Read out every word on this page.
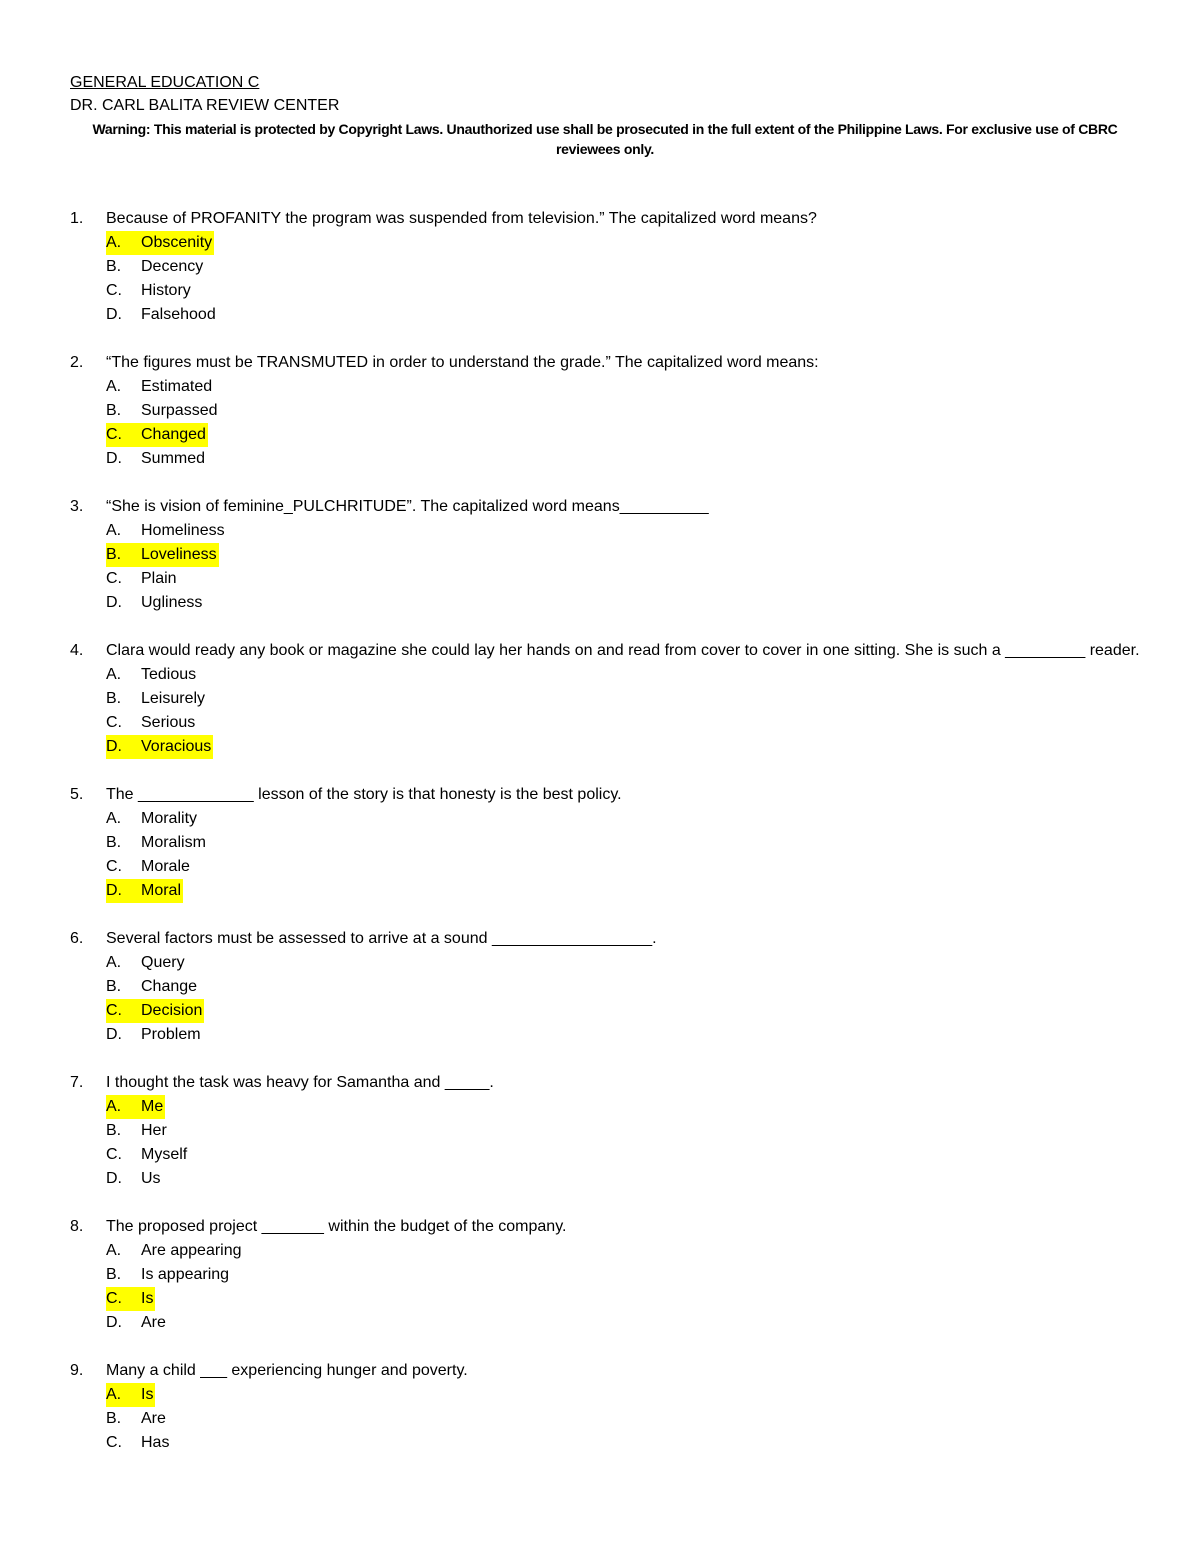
GENERAL EDUCATION C
DR. CARL BALITA REVIEW CENTER
Warning: This material is protected by Copyright Laws. Unauthorized use shall be prosecuted in the full extent of the Philippine Laws. For exclusive use of CBRC reviewees only.
1.	Because of PROFANITY the program was suspended from television.” The capitalized word means?
A.	Obscenity
B.	Decency
C.	History
D.	Falsehood
2.	“The figures must be TRANSMUTED in order to understand the grade.” The capitalized word means:
A.	Estimated
B.	Surpassed
C.	Changed
D.	Summed
3.	“She is vision of feminine_PULCHRITUDE”. The capitalized word means__________
A.	Homeliness
B.	Loveliness
C.	Plain
D.	Ugliness
4.	Clara would ready any book or magazine she could lay her hands on and read from cover to cover in one sitting. She is such a _________ reader.
A.	Tedious
B.	Leisurely
C.	Serious
D.	Voracious
5.	The _____________ lesson of the story is that honesty is the best policy.
A.	Morality
B.	Moralism
C.	Morale
D.	Moral
6.	Several factors must be assessed to arrive at a sound __________________.
A.	Query
B.	Change
C.	Decision
D.	Problem
7.	I thought the task was heavy for Samantha and _____.
A.	Me
B.	Her
C.	Myself
D.	Us
8.	The proposed project _______ within the budget of the company.
A.	Are appearing
B.	Is appearing
C.	Is
D.	Are
9.	Many a child ___ experiencing hunger and poverty.
A.	Is
B.	Are
C.	Has
